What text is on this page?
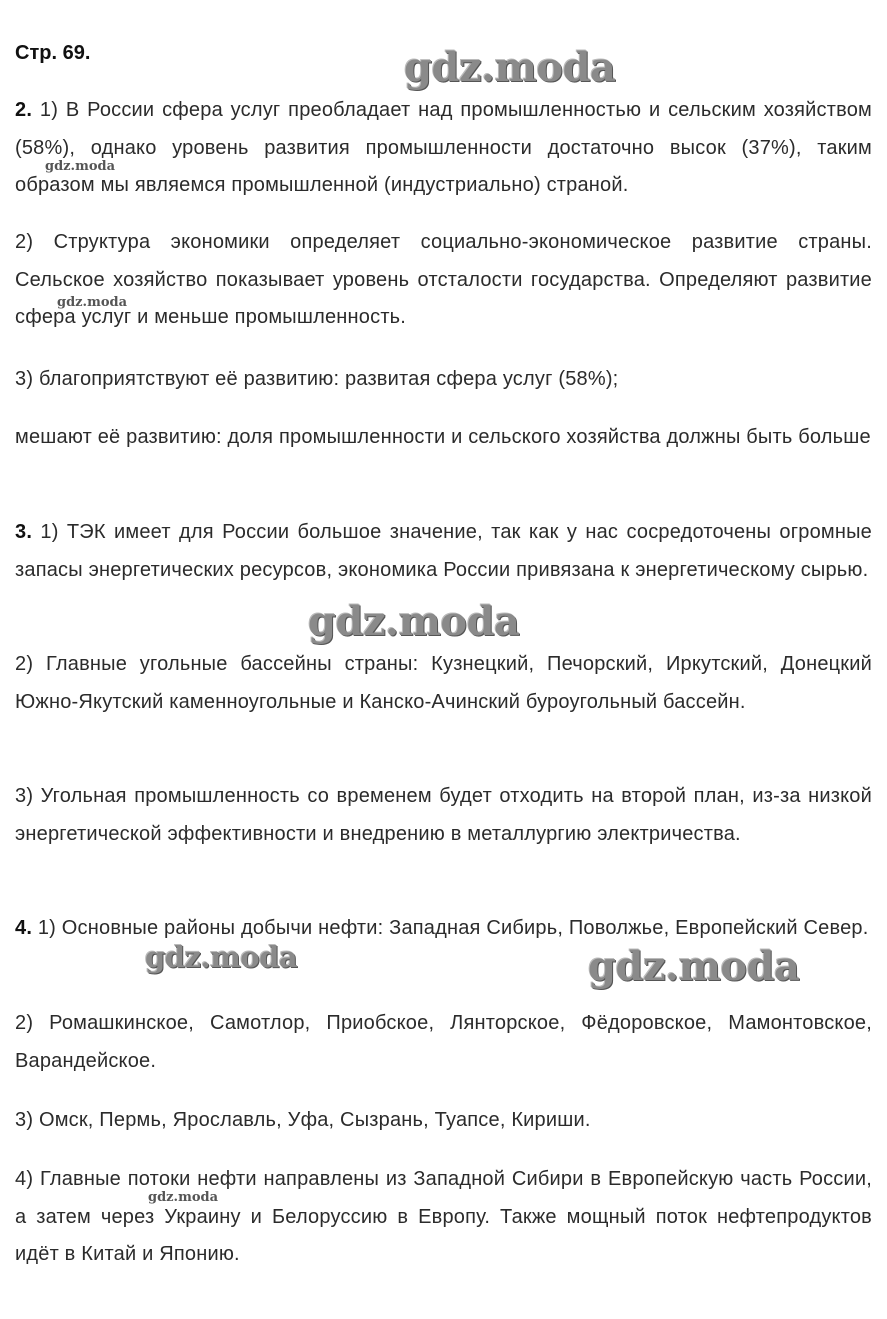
Стр. 69.
2. 1) В России сфера услуг преобладает над промышленностью и сельским хозяйством (58%), однако уровень развития промышленности достаточно высок (37%), таким образом мы являемся промышленной (индустриально) страной.
2) Структура экономики определяет социально-экономическое развитие страны. Сельское хозяйство показывает уровень отсталости государства. Определяют развитие сфера услуг и меньше промышленность.
3) благоприятствуют её развитию: развитая сфера услуг (58%);
мешают её развитию: доля промышленности и сельского хозяйства должны быть больше
3. 1) ТЭК имеет для России большое значение, так как у нас сосредоточены огромные запасы энергетических ресурсов, экономика России привязана к энергетическому сырью.
2) Главные угольные бассейны страны: Кузнецкий, Печорский, Иркутский, Донецкий Южно-Якутский каменноугольные и Канско-Ачинский буроугольный бассейн.
3) Угольная промышленность со временем будет отходить на второй план, из-за низкой энергетической эффективности и внедрению в металлургию электричества.
4. 1) Основные районы добычи нефти: Западная Сибирь, Поволжье, Европейский Север.
2) Ромашкинское, Самотлор, Приобское, Лянторское, Фёдоровское, Мамонтовское, Варандейское.
3) Омск, Пермь, Ярославль, Уфа, Сызрань, Туапсе, Кириши.
4) Главные потоки нефти направлены из Западной Сибири в Европейскую часть России, а затем через Украину и Белоруссию в Европу. Также мощный поток нефтепродуктов идёт в Китай и Японию.
gdz.moda
gdz.moda
gdz.moda
gdz.moda
gdz.moda	gdz.moda
gdz.moda
